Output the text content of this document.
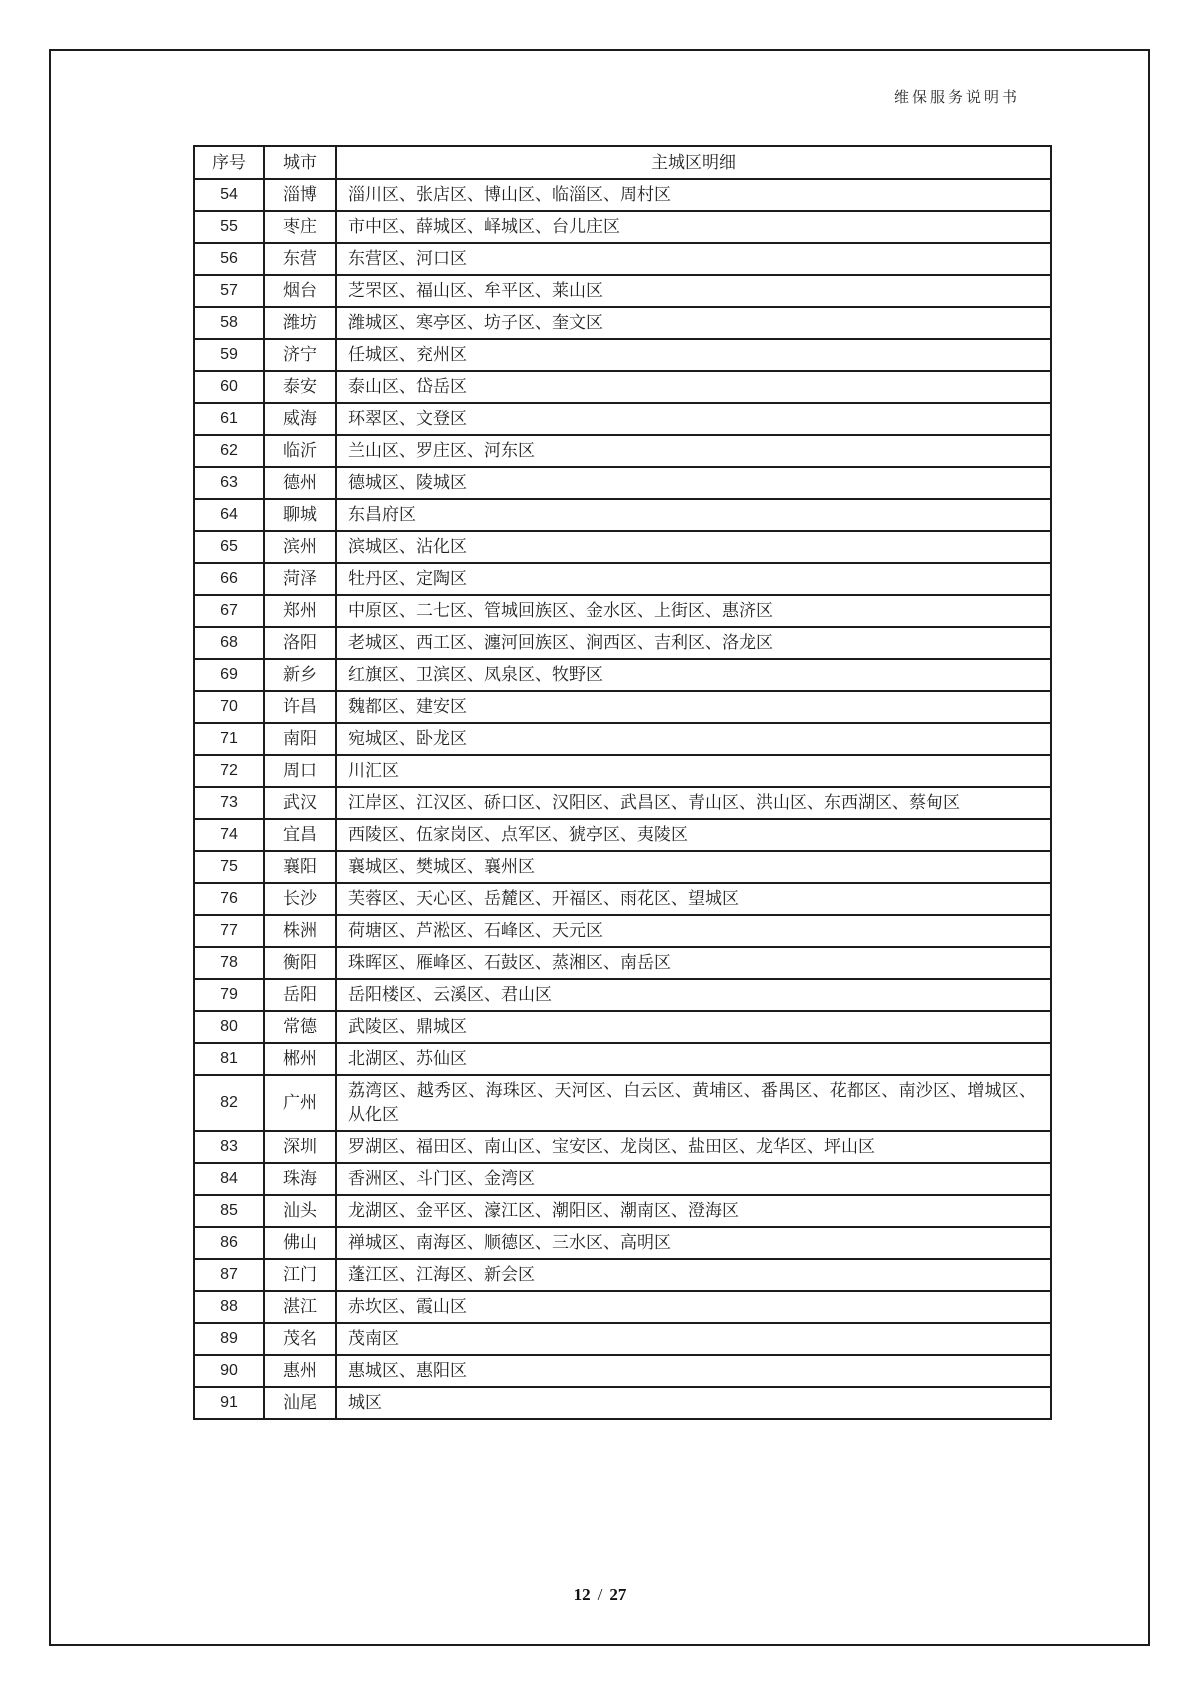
维保服务说明书
序号	城市	主城区明细
54	淄博	淄川区、张店区、博山区、临淄区、周村区
55	枣庄	市中区、薛城区、峄城区、台儿庄区
56	东营	东营区、河口区
57	烟台	芝罘区、福山区、牟平区、莱山区
58	潍坊	潍城区、寒亭区、坊子区、奎文区
59	济宁	任城区、兖州区
60	泰安	泰山区、岱岳区
61	威海	环翠区、文登区
62	临沂	兰山区、罗庄区、河东区
63	德州	德城区、陵城区
64	聊城	东昌府区
65	滨州	滨城区、沾化区
66	菏泽	牡丹区、定陶区
67	郑州	中原区、二七区、管城回族区、金水区、上街区、惠济区
68	洛阳	老城区、西工区、瀍河回族区、涧西区、吉利区、洛龙区
69	新乡	红旗区、卫滨区、凤泉区、牧野区
70	许昌	魏都区、建安区
71	南阳	宛城区、卧龙区
72	周口	川汇区
73	武汉	江岸区、江汉区、硚口区、汉阳区、武昌区、青山区、洪山区、东西湖区、蔡甸区
74	宜昌	西陵区、伍家岗区、点军区、猇亭区、夷陵区
75	襄阳	襄城区、樊城区、襄州区
76	长沙	芙蓉区、天心区、岳麓区、开福区、雨花区、望城区
77	株洲	荷塘区、芦淞区、石峰区、天元区
78	衡阳	珠晖区、雁峰区、石鼓区、蒸湘区、南岳区
79	岳阳	岳阳楼区、云溪区、君山区
80	常德	武陵区、鼎城区
81	郴州	北湖区、苏仙区
82	广州	荔湾区、越秀区、海珠区、天河区、白云区、黄埔区、番禺区、花都区、南沙区、增城区、从化区
83	深圳	罗湖区、福田区、南山区、宝安区、龙岗区、盐田区、龙华区、坪山区
84	珠海	香洲区、斗门区、金湾区
85	汕头	龙湖区、金平区、濠江区、潮阳区、潮南区、澄海区
86	佛山	禅城区、南海区、顺德区、三水区、高明区
87	江门	蓬江区、江海区、新会区
88	湛江	赤坎区、霞山区
89	茂名	茂南区
90	惠州	惠城区、惠阳区
91	汕尾	城区
12 / 27
